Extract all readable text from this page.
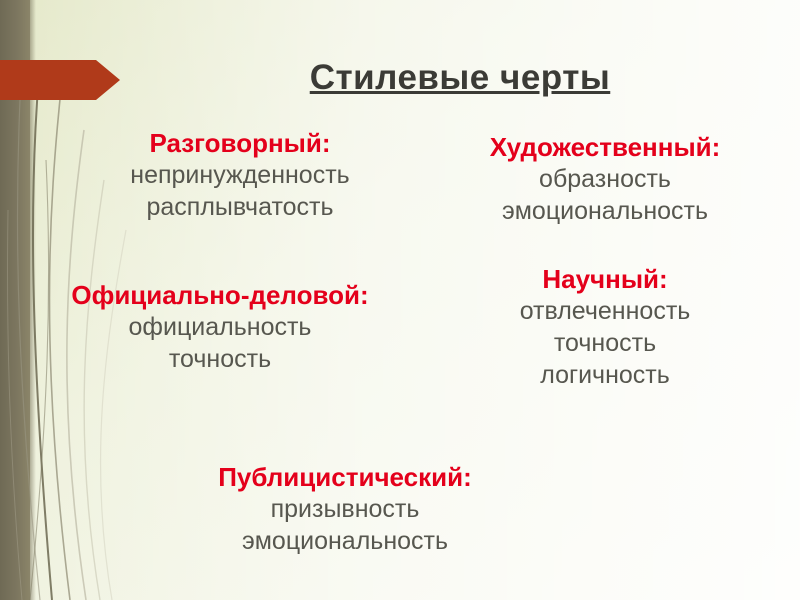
Стилевые черты
Разговорный:
непринужденность
расплывчатость
Художественный:
образность
эмоциональность
Официально-деловой:
официальность
точность
Научный:
отвлеченность
точность
логичность
Публицистический:
призывность
эмоциональность
